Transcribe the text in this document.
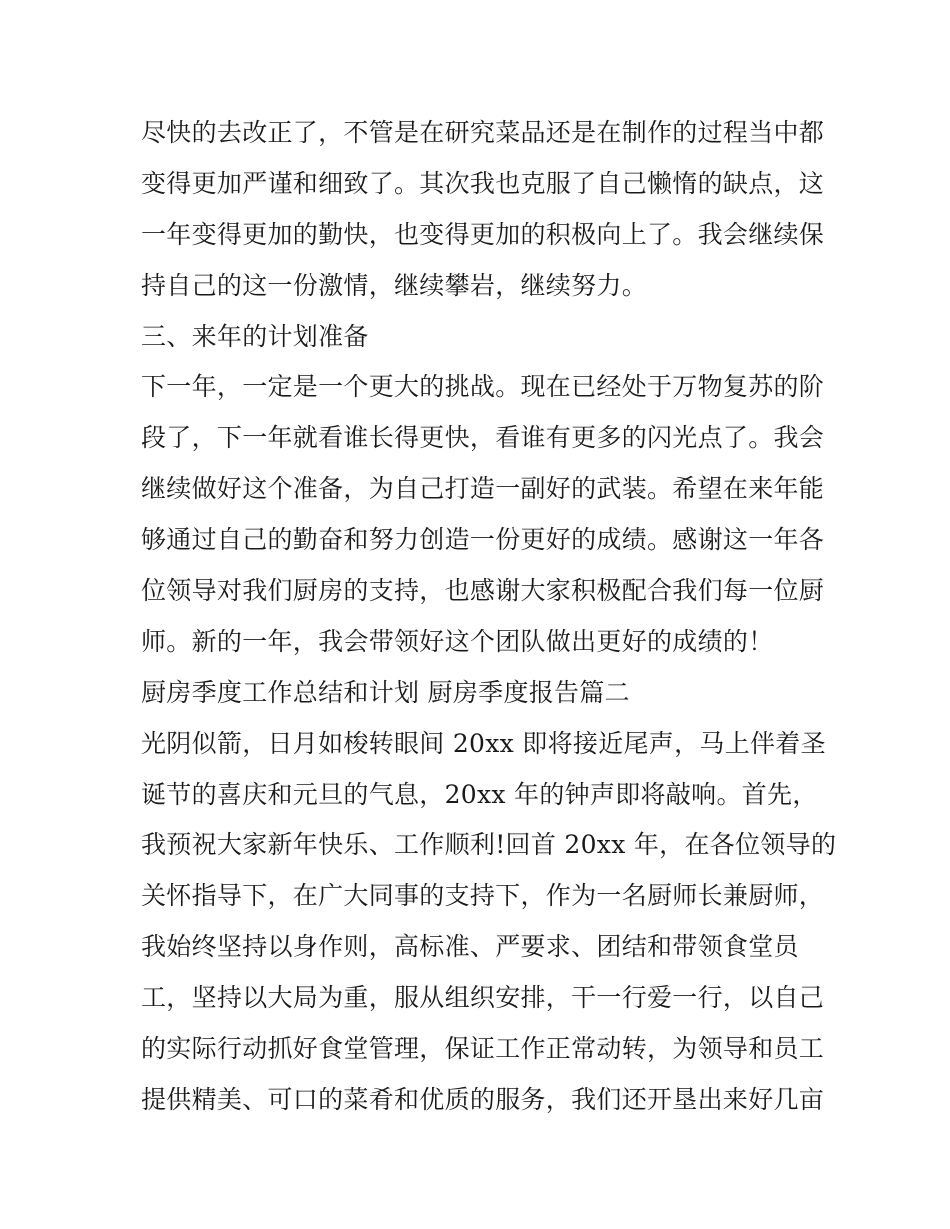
尽快的去改正了，不管是在研究菜品还是在制作的过程当中都
变得更加严谨和细致了。其次我也克服了自己懒惰的缺点，这
一年变得更加的勤快，也变得更加的积极向上了。我会继续保
持自己的这一份激情，继续攀岩，继续努力。
三、来年的计划准备
下一年，一定是一个更大的挑战。现在已经处于万物复苏的阶
段了，下一年就看谁长得更快，看谁有更多的闪光点了。我会
继续做好这个准备，为自己打造一副好的武装。希望在来年能
够通过自己的勤奋和努力创造一份更好的成绩。感谢这一年各
位领导对我们厨房的支持，也感谢大家积极配合我们每一位厨
师。新的一年，我会带领好这个团队做出更好的成绩的！
厨房季度工作总结和计划 厨房季度报告篇二
光阴似箭，日月如梭转眼间 20xx 即将接近尾声，马上伴着圣
诞节的喜庆和元旦的气息，20xx 年的钟声即将敲响。首先，
我预祝大家新年快乐、工作顺利!回首 20xx 年，在各位领导的
关怀指导下，在广大同事的支持下，作为一名厨师长兼厨师，
我始终坚持以身作则，高标准、严要求、团结和带领食堂员
工，坚持以大局为重，服从组织安排，干一行爱一行，以自己
的实际行动抓好食堂管理，保证工作正常动转，为领导和员工
提供精美、可口的菜肴和优质的服务，我们还开垦出来好几亩
